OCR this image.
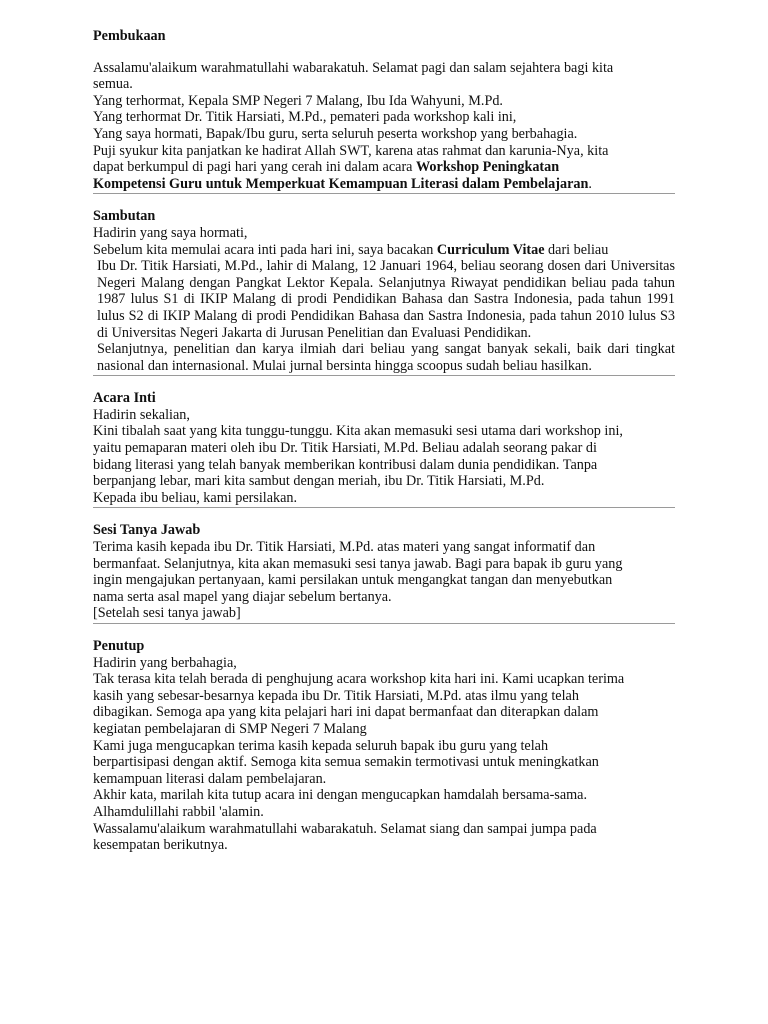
Pembukaan

Assalamu'alaikum warahmatullahi wabarakatuh. Selamat pagi dan salam sejahtera bagi kita

semua.

Yang terhormat, Kepala SMP Negeri 7 Malang, Ibu Ida Wahyuni, M.Pd.

Yang terhormat Dr. Titik Harsiati, M.Pd., pemateri pada workshop kali ini,

Yang saya hormati, Bapak/Ibu guru, serta seluruh peserta workshop yang berbahagia.

Puji syukur kita panjatkan ke hadirat Allah SWT, karena atas rahmat dan karunia-Nya, kita

dapat berkumpul di pagi hari yang cerah ini dalam acara Workshop Peningkatan

Kompetensi Guru untuk Memperkuat Kemampuan Literasi dalam Pembelajaran.

Sambutan

Hadirin yang saya hormati,

Sebelum kita memulai acara inti pada hari ini, saya bacakan Curriculum Vitae dari beliau

Ibu Dr. Titik Harsiati, M.Pd., lahir di Malang, 12 Januari 1964, beliau seorang dosen dari Universitas Negeri Malang dengan Pangkat Lektor Kepala. Selanjutnya Riwayat pendidikan beliau pada tahun 1987 lulus S1 di IKIP Malang di prodi Pendidikan Bahasa dan Sastra Indonesia, pada tahun 1991 lulus S2 di IKIP Malang di prodi Pendidikan Bahasa dan Sastra Indonesia, pada tahun 2010 lulus S3 di Universitas Negeri Jakarta di Jurusan Penelitian dan Evaluasi Pendidikan.

Selanjutnya, penelitian dan karya ilmiah dari beliau yang sangat banyak sekali, baik dari tingkat nasional dan internasional. Mulai jurnal bersinta hingga scoopus sudah beliau hasilkan.

Acara Inti

Hadirin sekalian,

Kini tibalah saat yang kita tunggu-tunggu. Kita akan memasuki sesi utama dari workshop ini,

yaitu pemaparan materi oleh ibu Dr. Titik Harsiati, M.Pd. Beliau adalah seorang pakar di

bidang literasi yang telah banyak memberikan kontribusi dalam dunia pendidikan. Tanpa

berpanjang lebar, mari kita sambut dengan meriah, ibu Dr. Titik Harsiati, M.Pd.

Kepada ibu beliau, kami persilakan.

Sesi Tanya Jawab

Terima kasih kepada ibu Dr. Titik Harsiati, M.Pd. atas materi yang sangat informatif dan

bermanfaat. Selanjutnya, kita akan memasuki sesi tanya jawab. Bagi para bapak ib guru yang

ingin mengajukan pertanyaan, kami persilakan untuk mengangkat tangan dan menyebutkan

nama serta asal mapel yang diajar sebelum bertanya.

[Setelah sesi tanya jawab]

Penutup

Hadirin yang berbahagia,

Tak terasa kita telah berada di penghujung acara workshop kita hari ini. Kami ucapkan terima

kasih yang sebesar-besarnya kepada ibu Dr. Titik Harsiati, M.Pd. atas ilmu yang telah

dibagikan. Semoga apa yang kita pelajari hari ini dapat bermanfaat dan diterapkan dalam

kegiatan pembelajaran di SMP Negeri 7 Malang

Kami juga mengucapkan terima kasih kepada seluruh bapak ibu guru yang telah

berpartisipasi dengan aktif. Semoga kita semua semakin termotivasi untuk meningkatkan

kemampuan literasi dalam pembelajaran.

Akhir kata, marilah kita tutup acara ini dengan mengucapkan hamdalah bersama-sama.

Alhamdulillahi rabbil 'alamin.

Wassalamu'alaikum warahmatullahi wabarakatuh. Selamat siang dan sampai jumpa pada

kesempatan berikutnya.
